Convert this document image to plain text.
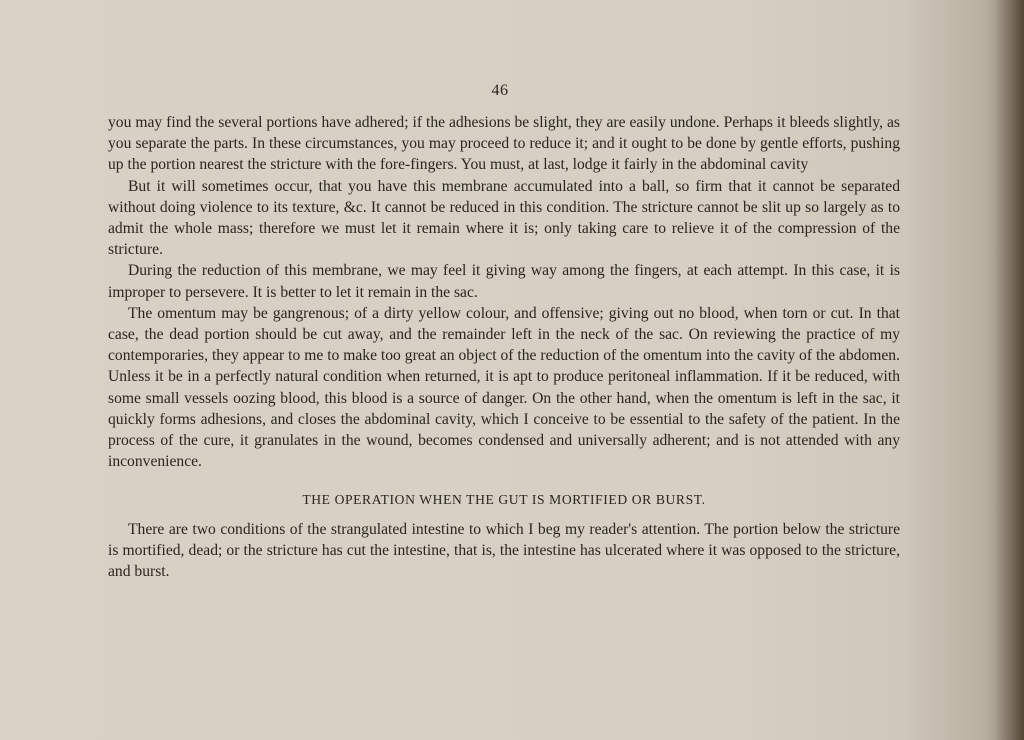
46

you may find the several portions have adhered; if the adhesions be slight, they are easily undone. Perhaps it bleeds slightly, as you separate the parts. In these circumstances, you may proceed to reduce it; and it ought to be done by gentle efforts, pushing up the portion nearest the stricture with the fore-fingers. You must, at last, lodge it fairly in the abdominal cavity

But it will sometimes occur, that you have this membrane accumulated into a ball, so firm that it cannot be separated without doing violence to its texture, &c. It cannot be reduced in this condition. The stricture cannot be slit up so largely as to admit the whole mass; therefore we must let it remain where it is; only taking care to relieve it of the compression of the stricture.

During the reduction of this membrane, we may feel it giving way among the fingers, at each attempt. In this case, it is improper to persevere. It is better to let it remain in the sac.

The omentum may be gangrenous; of a dirty yellow colour, and offensive; giving out no blood, when torn or cut. In that case, the dead portion should be cut away, and the remainder left in the neck of the sac. On reviewing the practice of my contemporaries, they appear to me to make too great an object of the reduction of the omentum into the cavity of the abdomen. Unless it be in a perfectly natural condition when returned, it is apt to produce peritoneal inflammation. If it be reduced, with some small vessels oozing blood, this blood is a source of danger. On the other hand, when the omentum is left in the sac, it quickly forms adhesions, and closes the abdominal cavity, which I conceive to be essential to the safety of the patient. In the process of the cure, it granulates in the wound, becomes condensed and universally adherent; and is not attended with any inconvenience.

THE OPERATION WHEN THE GUT IS MORTIFIED OR BURST.

There are two conditions of the strangulated intestine to which I beg my reader's attention. The portion below the stricture is mortified, dead; or the stricture has cut the intestine, that is, the intestine has ulcerated where it was opposed to the stricture, and burst.
